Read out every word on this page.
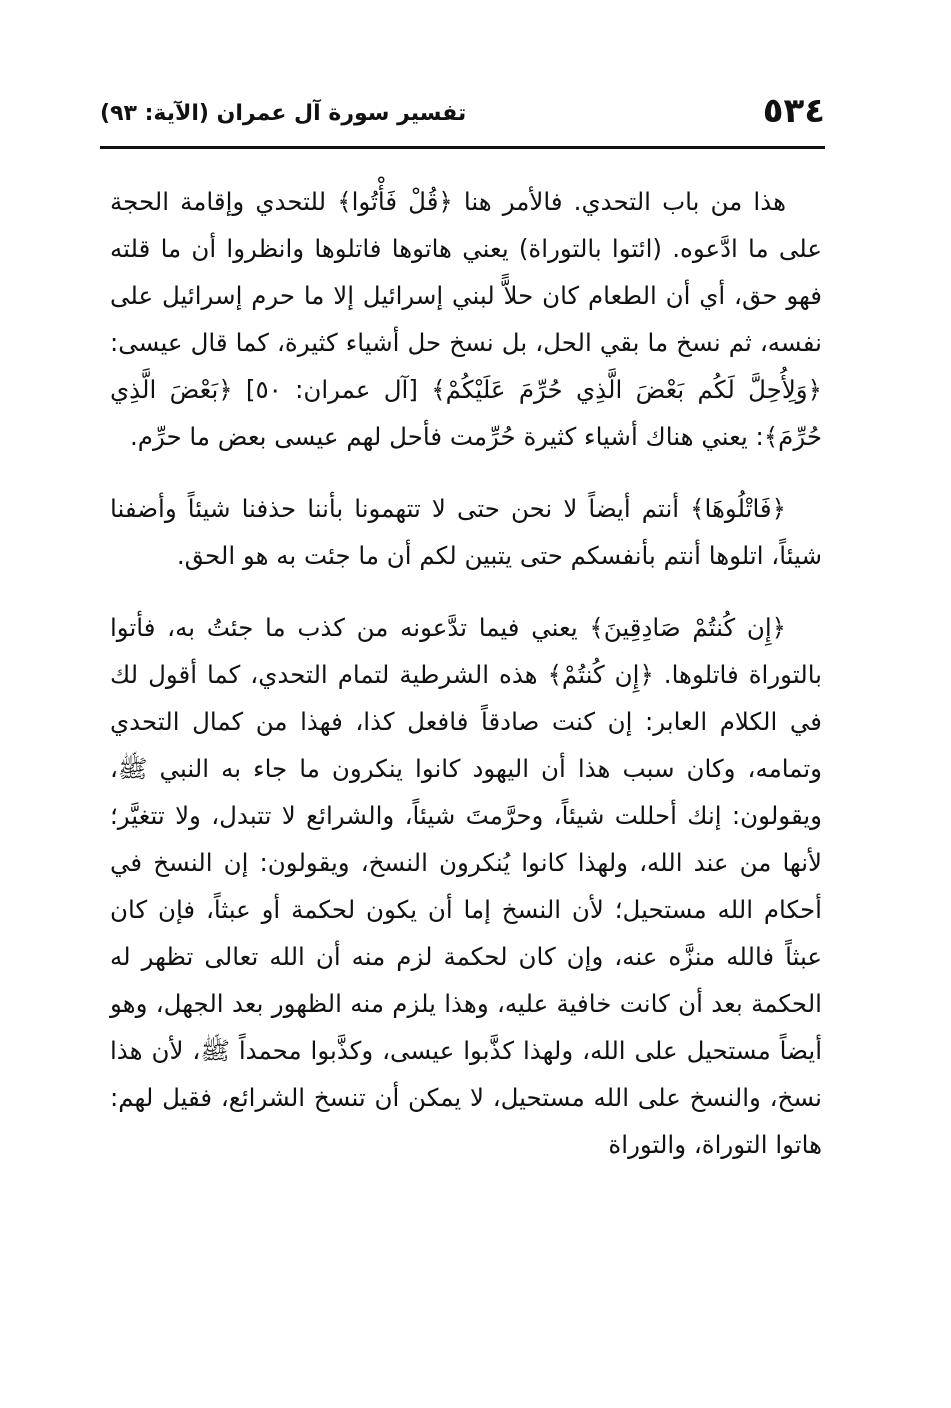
٥٣٤
تفسير سورة آل عمران (الآية: ٩٣)

هذا من باب التحدي. فالأمر هنا ﴿قُلْ فَأْتُوا﴾ للتحدي وإقامة الحجة على ما ادَّعوه. (ائتوا بالتوراة) يعني هاتوها فاتلوها وانظروا أن ما قلته فهو حق، أي أن الطعام كان حلاًّ لبني إسرائيل إلا ما حرم إسرائيل على نفسه، ثم نسخ ما بقي الحل، بل نسخ حل أشياء كثيرة، كما قال عيسى: ﴿وَلِأُحِلَّ لَكُم بَعْضَ الَّذِي حُرِّمَ عَلَيْكُمْ﴾ [آل عمران: ٥٠] ﴿بَعْضَ الَّذِي حُرِّمَ﴾: يعني هناك أشياء كثيرة حُرِّمت فأحل لهم عيسى بعض ما حرِّم.

﴿فَاتْلُوهَا﴾ أنتم أيضاً لا نحن حتى لا تتهمونا بأننا حذفنا شيئاً وأضفنا شيئاً، اتلوها أنتم بأنفسكم حتى يتبين لكم أن ما جئت به هو الحق.

﴿إِن كُنتُمْ صَادِقِينَ﴾ يعني فيما تدَّعونه من كذب ما جئتُ به، فأتوا بالتوراة فاتلوها. ﴿إِن كُنتُمْ﴾ هذه الشرطية لتمام التحدي، كما أقول لك في الكلام العابر: إن كنت صادقاً فافعل كذا، فهذا من كمال التحدي وتمامه، وكان سبب هذا أن اليهود كانوا ينكرون ما جاء به النبي ﷺ، ويقولون: إنك أحللت شيئاً، وحرَّمتَ شيئاً، والشرائع لا تتبدل، ولا تتغيَّر؛ لأنها من عند الله، ولهذا كانوا يُنكرون النسخ، ويقولون: إن النسخ في أحكام الله مستحيل؛ لأن النسخ إما أن يكون لحكمة أو عبثاً، فإن كان عبثاً فالله منزَّه عنه، وإن كان لحكمة لزم منه أن الله تعالى تظهر له الحكمة بعد أن كانت خافية عليه، وهذا يلزم منه الظهور بعد الجهل، وهو أيضاً مستحيل على الله، ولهذا كذَّبوا عيسى، وكذَّبوا محمداً ﷺ، لأن هذا نسخ، والنسخ على الله مستحيل، لا يمكن أن تنسخ الشرائع، فقيل لهم: هاتوا التوراة، والتوراة
